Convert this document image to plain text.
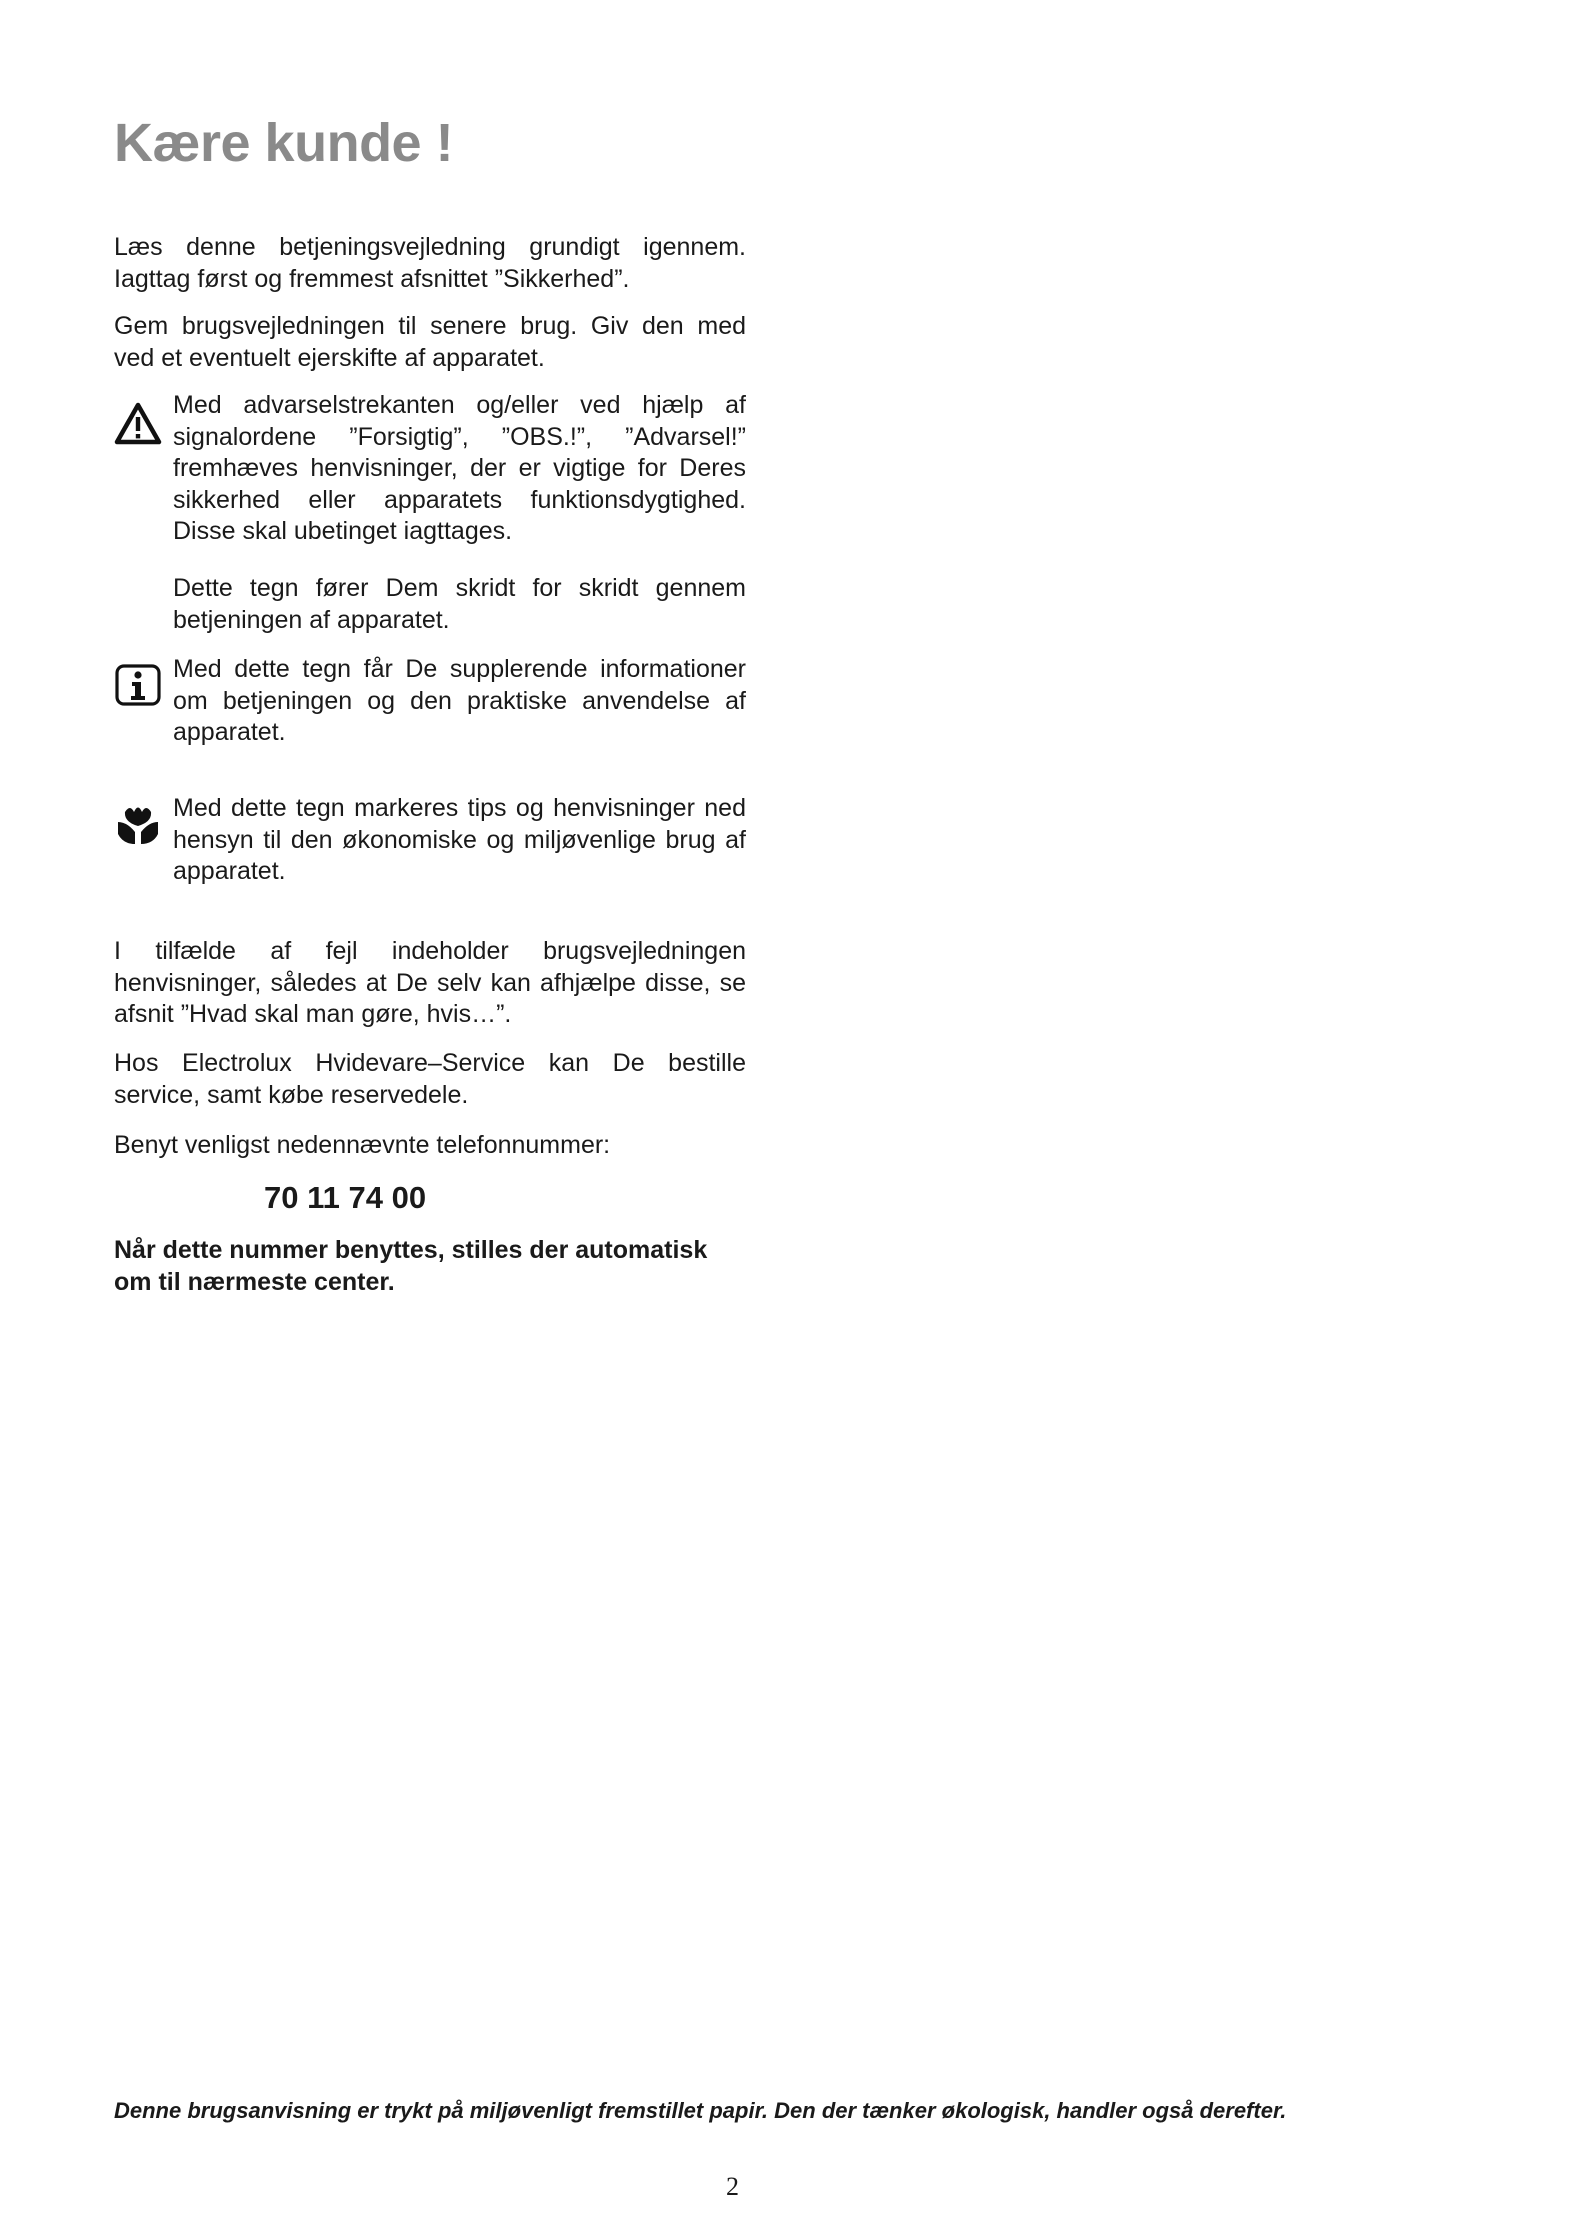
Kære kunde !
Læs denne betjeningsvejledning grundigt igennem. Iagttag først og fremmest afsnittet ”Sikkerhed”.
Gem brugsvejledningen til senere brug. Giv den med ved et eventuelt ejerskifte af apparatet.
Med advarselstrekanten og/eller ved hjælp af signalordene ”Forsigtig”, ”OBS.!”, ”Advarsel!” fremhæves henvisninger, der er vigtige for Deres sikkerhed eller apparatets funktionsdygtighed. Disse skal ubetinget iagttages.
Dette tegn fører Dem skridt for skridt gennem betjeningen af apparatet.
Med dette tegn får De supplerende informationer om betjeningen og den praktiske anvendelse af apparatet.
Med dette tegn markeres tips og henvisninger ned hensyn til den økonomiske og miljøvenlige brug af apparatet.
I tilfælde af fejl indeholder brugsvejledningen henvisninger, således at De selv kan afhjælpe disse, se afsnit ”Hvad skal man gøre, hvis…”.
Hos Electrolux Hvidevare–Service kan De bestille service, samt købe reservedele.
Benyt venligst nedennævnte telefonnummer:
70 11 74 00
Når dette nummer benyttes, stilles der automatisk om til nærmeste center.
Denne brugsanvisning er trykt på miljøvenligt fremstillet papir. Den der tænker økologisk, handler også derefter.
2
